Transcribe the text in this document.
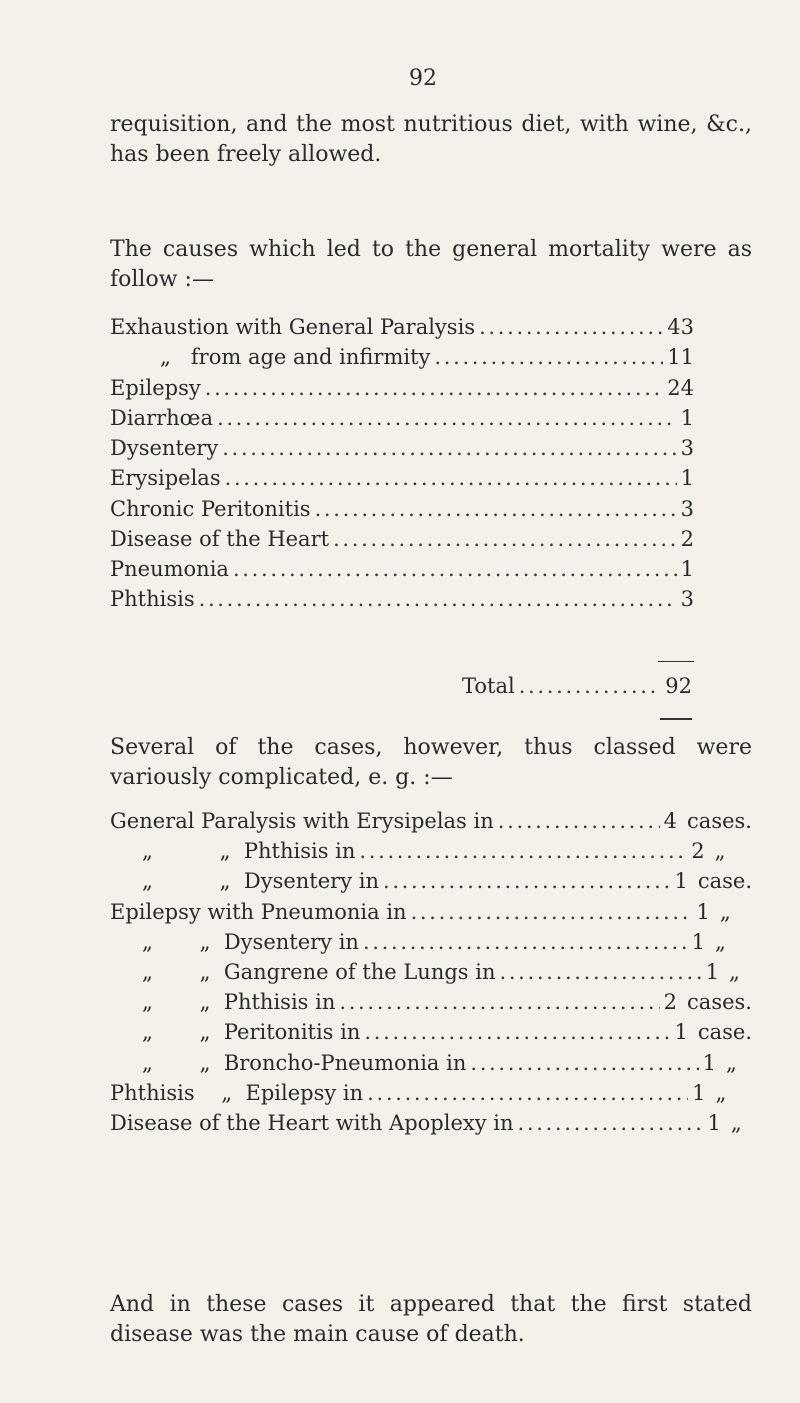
92

requisition, and the most nutritious diet, with wine, &c., has been freely allowed.

The causes which led to the general mortality were as follow :—

Exhaustion with General Paralysis . . .	43
„   from age and infirmity . . .	11
Epilepsy . . .	24
Diarrhœa . . .	1
Dysentery . . .	3
Erysipelas . . .	1
Chronic Peritonitis . . .	3
Disease of the Heart . . .	2
Pneumonia . . .	1
Phthisis . . .	3
Total . . .	92

Several of the cases, however, thus classed were variously complicated, e. g. :—

General Paralysis with Erysipelas in . . .	4 cases.
„          „  Phthisis in . . .	2 „
„          „  Dysentery in . . .	1 case.
Epilepsy with Pneumonia in . . .	1 „
„       „  Dysentery in . . .	1 „
„       „  Gangrene of the Lungs in . . .	1 „
„       „  Phthisis in . . .	2 cases.
„       „  Peritonitis in . . .	1 case.
„       „  Broncho-Pneumonia in . . .	1 „
Phthisis    „  Epilepsy in . . .	1 „
Disease of the Heart with Apoplexy in . . .	1 „

And in these cases it appeared that the first stated disease was the main cause of death.
